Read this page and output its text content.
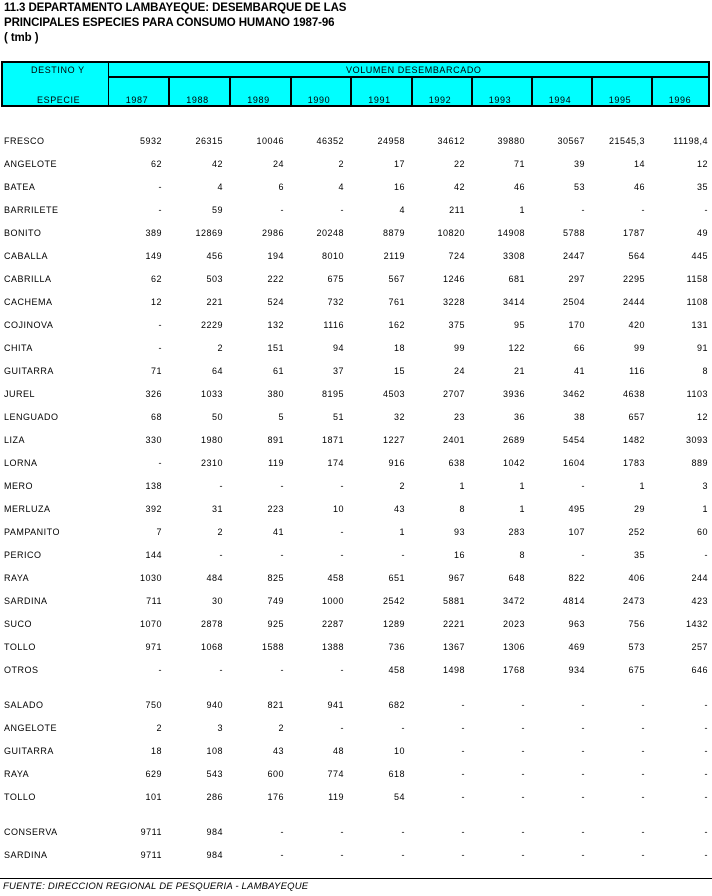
11.3 DEPARTAMENTO LAMBAYEQUE: DESEMBARQUE DE LAS
PRINCIPALES ESPECIES PARA CONSUMO HUMANO 1987-96
( tmb )
DESTINO Y
ESPECIE
VOLUMEN DESEMBARCADO
1987	1988	1989	1990	1991	1992	1993	1994	1995	1996
FRESCO	5932	26315	10046	46352	24958	34612	39880	30567	21545,3	11198,4
ANGELOTE	62	42	24	2	17	22	71	39	14	12
BATEA	-	4	6	4	16	42	46	53	46	35
BARRILETE	-	59	-	-	4	211	1	-	-	-
BONITO	389	12869	2986	20248	8879	10820	14908	5788	1787	49
CABALLA	149	456	194	8010	2119	724	3308	2447	564	445
CABRILLA	62	503	222	675	567	1246	681	297	2295	1158
CACHEMA	12	221	524	732	761	3228	3414	2504	2444	1108
COJINOVA	-	2229	132	1116	162	375	95	170	420	131
CHITA	-	2	151	94	18	99	122	66	99	91
GUITARRA	71	64	61	37	15	24	21	41	116	8
JUREL	326	1033	380	8195	4503	2707	3936	3462	4638	1103
LENGUADO	68	50	5	51	32	23	36	38	657	12
LIZA	330	1980	891	1871	1227	2401	2689	5454	1482	3093
LORNA	-	2310	119	174	916	638	1042	1604	1783	889
MERO	138	-	-	-	2	1	1	-	1	3
MERLUZA	392	31	223	10	43	8	1	495	29	1
PAMPANITO	7	2	41	-	1	93	283	107	252	60
PERICO	144	-	-	-	-	16	8	-	35	-
RAYA	1030	484	825	458	651	967	648	822	406	244
SARDINA	711	30	749	1000	2542	5881	3472	4814	2473	423
SUCO	1070	2878	925	2287	1289	2221	2023	963	756	1432
TOLLO	971	1068	1588	1388	736	1367	1306	469	573	257
OTROS	-	-	-	-	458	1498	1768	934	675	646
SALADO	750	940	821	941	682	-	-	-	-	-
ANGELOTE	2	3	2	-	-	-	-	-	-	-
GUITARRA	18	108	43	48	10	-	-	-	-	-
RAYA	629	543	600	774	618	-	-	-	-	-
TOLLO	101	286	176	119	54	-	-	-	-	-
CONSERVA	9711	984	-	-	-	-	-	-	-	-
SARDINA	9711	984	-	-	-	-	-	-	-	-
FUENTE: DIRECCION REGIONAL DE PESQUERIA - LAMBAYEQUE
